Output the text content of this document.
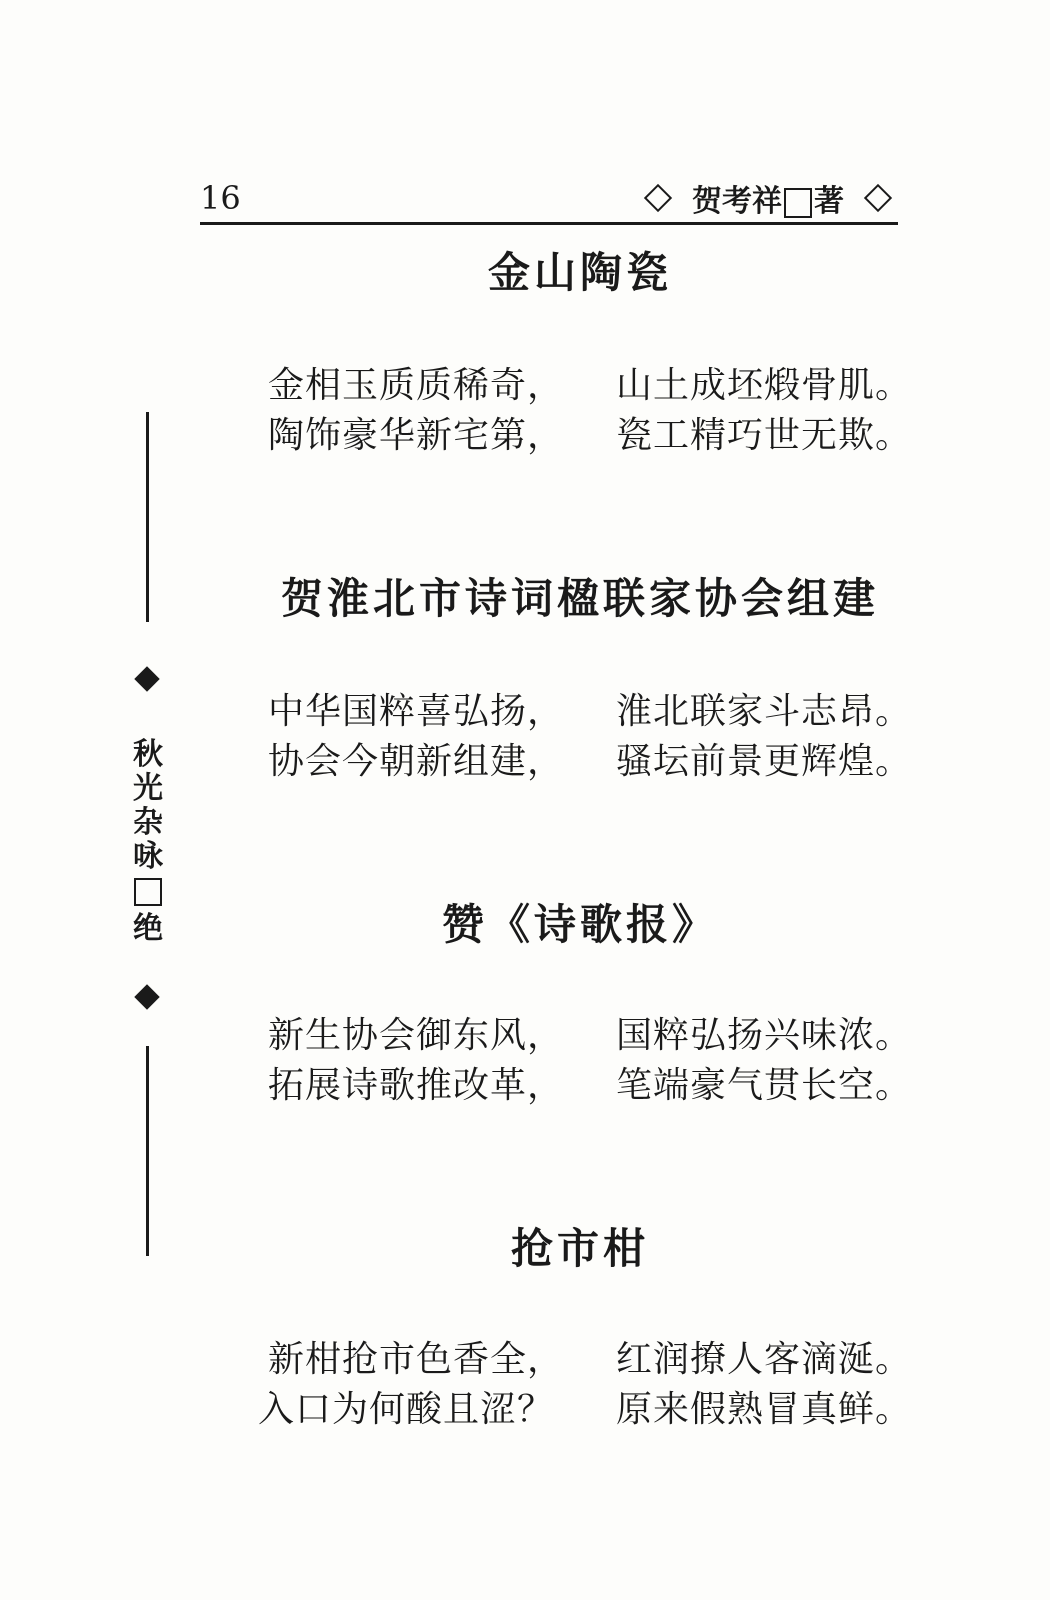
16	贺考祥 著
秋
光
杂
咏
绝
金山陶瓷
金相玉质质稀奇， 山土成坯煅骨肌。
陶饰豪华新宅第， 瓷工精巧世无欺。
贺淮北市诗词楹联家协会组建
中华国粹喜弘扬， 淮北联家斗志昂。
协会今朝新组建， 骚坛前景更辉煌。
赞《诗歌报》
新生协会御东风， 国粹弘扬兴味浓。
拓展诗歌推改革， 笔端豪气贯长空。
抢市柑
新柑抢市色香全， 红润撩人客滴涎。
入口为何酸且涩？ 原来假熟冒真鲜。
